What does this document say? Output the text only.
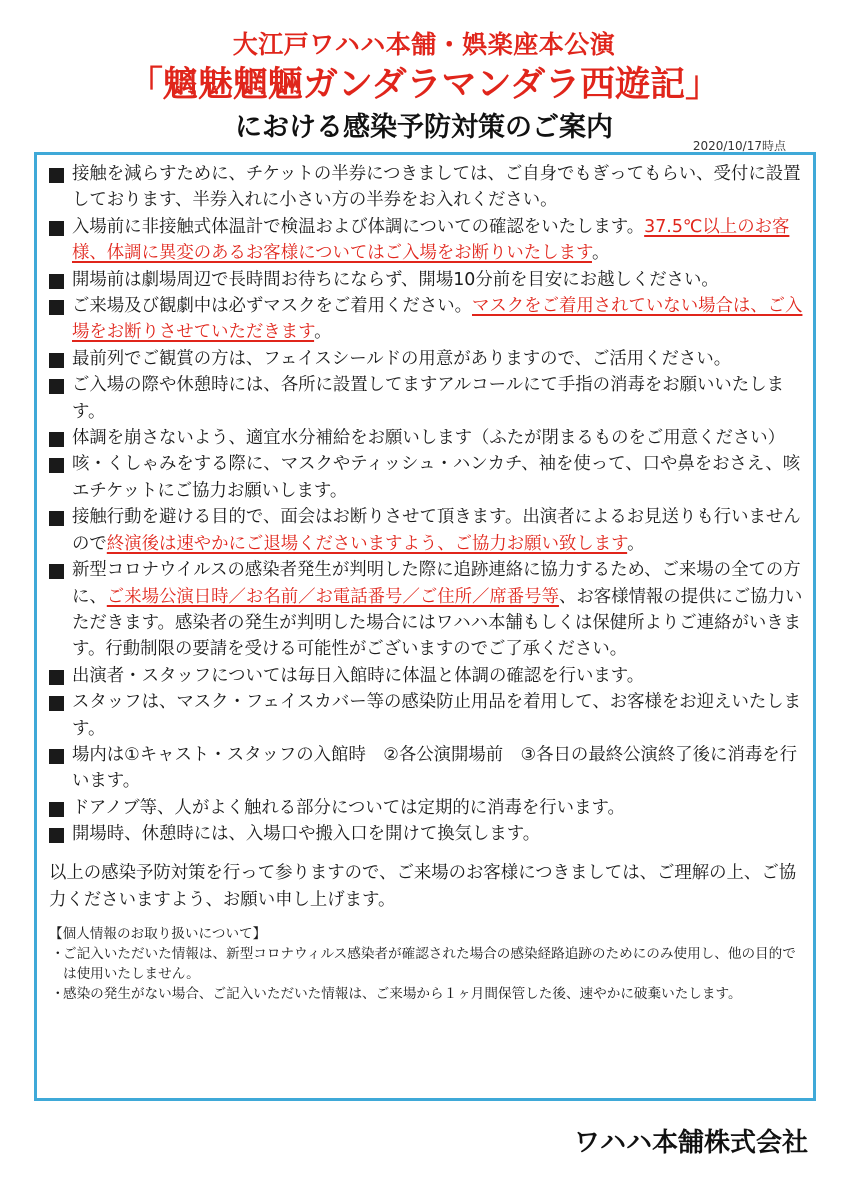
大江戸ワハハ本舗・娯楽座本公演
「魑魅魍魎ガンダラマンダラ西遊記」
における感染予防対策のご案内
2020/10/17時点
接触を減らすために、チケットの半券につきましては、ご自身でもぎってもらい、受付に設置しております、半券入れに小さい方の半券をお入れください。
入場前に非接触式体温計で検温および体調についての確認をいたします。37.5℃以上のお客様、体調に異変のあるお客様についてはご入場をお断りいたします。
開場前は劇場周辺で長時間お待ちにならず、開場10分前を目安にお越しください。
ご来場及び観劇中は必ずマスクをご着用ください。マスクをご着用されていない場合は、ご入場をお断りさせていただきます。
最前列でご観賞の方は、フェイスシールドの用意がありますので、ご活用ください。
ご入場の際や休憩時には、各所に設置してますアルコールにて手指の消毒をお願いいたします。
体調を崩さないよう、適宜水分補給をお願いします（ふたが閉まるものをご用意ください）
咳・くしゃみをする際に、マスクやティッシュ・ハンカチ、袖を使って、口や鼻をおさえ、咳エチケットにご協力お願いします。
接触行動を避ける目的で、面会はお断りさせて頂きます。出演者によるお見送りも行いませんので終演後は速やかにご退場くださいますよう、ご協力お願い致します。
新型コロナウイルスの感染者発生が判明した際に追跡連絡に協力するため、ご来場の全ての方に、ご来場公演日時／お名前／お電話番号／ご住所／席番号等、お客様情報の提供にご協力いただきます。感染者の発生が判明した場合にはワハハ本舗もしくは保健所よりご連絡がいきます。行動制限の要請を受ける可能性がございますのでご了承ください。
出演者・スタッフについては毎日入館時に体温と体調の確認を行います。
スタッフは、マスク・フェイスカバー等の感染防止用品を着用して、お客様をお迎えいたします。
場内は①キャスト・スタッフの入館時　②各公演開場前　③各日の最終公演終了後に消毒を行います。
ドアノブ等、人がよく触れる部分については定期的に消毒を行います。
開場時、休憩時には、入場口や搬入口を開けて換気します。

以上の感染予防対策を行って参りますので、ご来場のお客様につきましては、ご理解の上、ご協力くださいますよう、お願い申し上げます。

【個人情報のお取り扱いについて】

・
ご記入いただいた情報は、新型コロナウィルス感染者が確認された場合の感染経路追跡のためにのみ使用し、他の目的では使用いたしません。
・
感染の発生がない場合、ご記入いただいた情報は、ご来場から１ヶ月間保管した後、速やかに破棄いたします。
ワハハ本舗株式会社
